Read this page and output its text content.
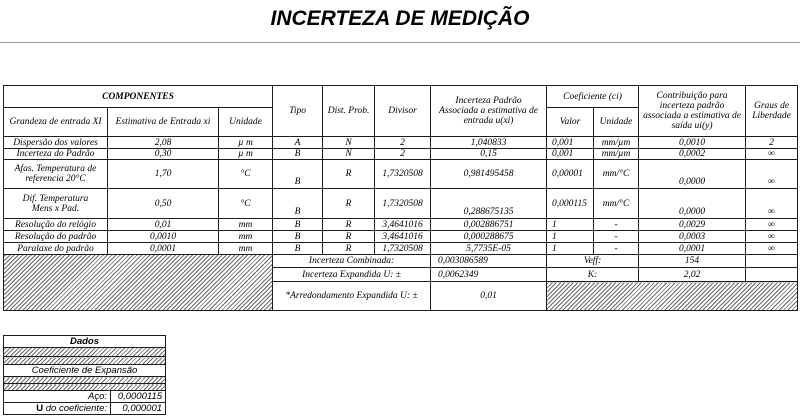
INCERTEZA DE MEDIÇÃO
COMPONENTES			Tipo	Dist. Prob.	Divisor	Incerteza Padrão
Associada a estimativa de
entrada u(xi)	Coeficiente (ci)		Contribuição para
incerteza padrão
associada a estimativa de
saída ui(y)	Graus de
Liberdade
Grandeza de entrada XI	Estimativa de Entrada xi	Unidade					Valor	Unidade		
Dispersão dos valores	2,08	µ m	A	N	2	1,040833	0,001	mm/µm	0,0010	2
Incerteza do Padrão	0,30	µ m	B	N	2	0,15	0,001	mm/µm	0,0002	∞
Afas. Temperatura de
referencia 20°C	1,70	°C	B	R	1,7320508	0,981495458	0,00001	mm/°C	0,0000	∞
Dif. Temperatura
Mens x Pad.	0,50	°C	B	R	1,7320508	0,288675135	0,000115	mm/°C	0,0000	∞
Resolução do relógio	0,01	mm	B	R	3,4641016	0,002886751	1	-	0,0029	∞
Resolução do padrão	0,0010	mm	B	R	3,4641016	0,000288675	1	-	0,0003	∞
Paralaxe do padrão	0,0001	mm	B	R	1,7320508	5,7735E-05	1	-	0,0001	∞
			Incerteza Combinada:			0,003086589	Veff:		154	
			Incerteza Expandida U: ±			0,0062349	K:		2,02	
			*Arredondamento Expandida U: ±			0,01				
Dados	

Coeficiente de Expansão	

Aço:	0,0000115
U do coeficiente:	0,000001
